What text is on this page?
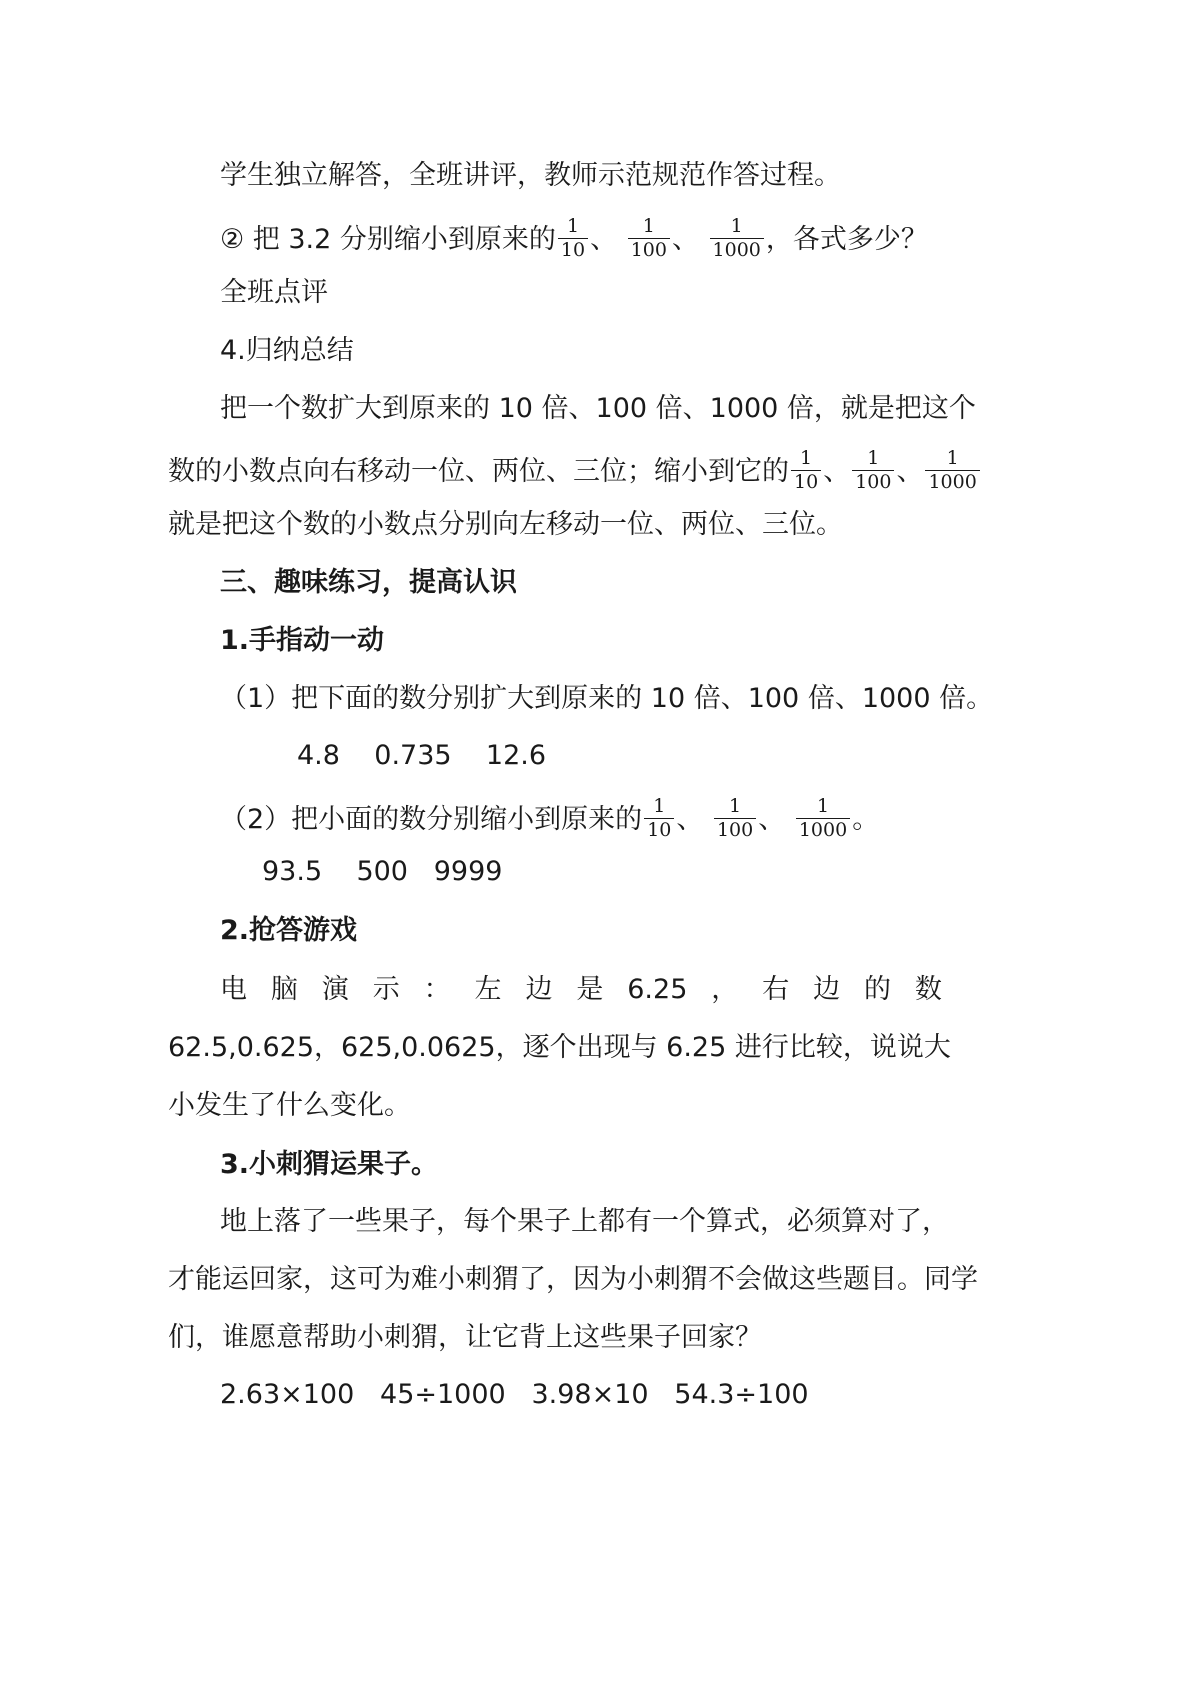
学生独立解答，全班讲评，教师示范规范作答过程。
② 把 3.2 分别缩小到原来的 $\frac{1}{10}$ 、 $\frac{1}{100}$ 、 $\frac{1}{1000}$ ，各式多少？
全班点评
4.归纳总结
把一个数扩大到原来的 10 倍、100 倍、1000 倍，就是把这个
数的小数点向右移动一位、两位、三位；缩小到它的 $\frac{1}{10}$ 、 $\frac{1}{100}$ 、 $\frac{1}{1000}$
就是把这个数的小数点分别向左移动一位、两位、三位。
三、趣味练习，提高认识
1.手指动一动
（1）把下面的数分别扩大到原来的 10 倍、100 倍、1000 倍。
4.8    0.735    12.6
（2）把小面的数分别缩小到原来的 $\frac{1}{10}$ 、 $\frac{1}{100}$ 、 $\frac{1}{1000}$ 。
93.5    500   9999
2.抢答游戏
电 脑 演 示 ： 左 边 是 6.25 ， 右 边 的 数
62.5,0.625，625,0.0625，逐个出现与 6.25 进行比较，说说大
小发生了什么变化。
3.小刺猬运果子。
地上落了一些果子，每个果子上都有一个算式，必须算对了，
才能运回家，这可为难小刺猬了，因为小刺猬不会做这些题目。同学
们，谁愿意帮助小刺猬，让它背上这些果子回家？
2.63×100   45÷1000   3.98×10   54.3÷100
